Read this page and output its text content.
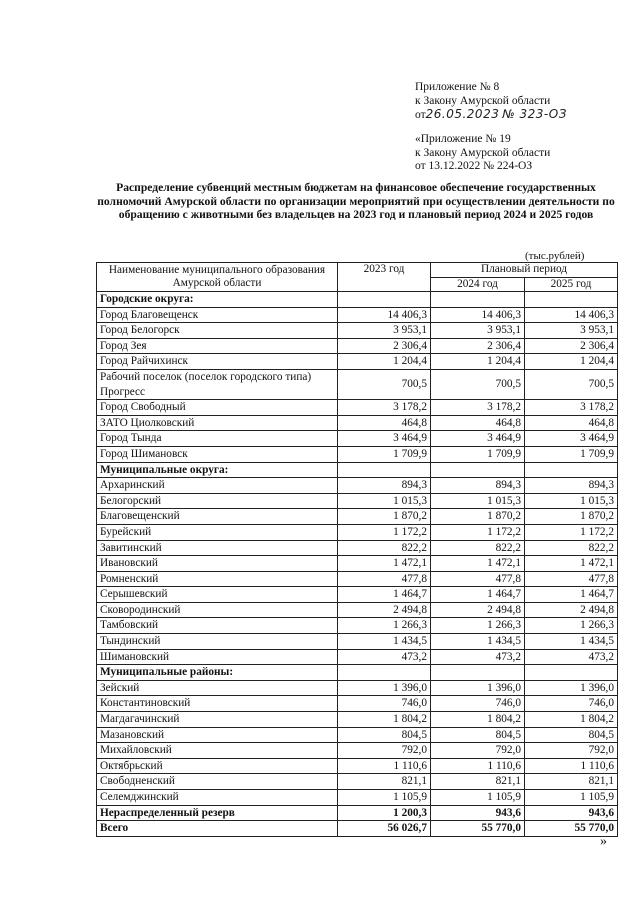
Приложение № 8
к Закону Амурской области
от26.05.2023 № 323-ОЗ
«Приложение № 19
к Закону Амурской области
от 13.12.2022 № 224-ОЗ
Распределение субвенций местным бюджетам на финансовое обеспечение государственных полномочий Амурской области по организации мероприятий при осуществлении деятельности по обращению с животными без владельцев на 2023 год и плановый период 2024 и 2025 годов
(тыс.рублей)
Наименование муниципального образования Амурской области	2023 год	Плановый период	
		2024 год	2025 год
Городские округа:			
Город Благовещенск	14 406,3	14 406,3	14 406,3
Город Белогорск	3 953,1	3 953,1	3 953,1
Город Зея	2 306,4	2 306,4	2 306,4
Город Райчихинск	1 204,4	1 204,4	1 204,4
Рабочий поселок (поселок городского типа) Прогресс	700,5	700,5	700,5
Город Свободный	3 178,2	3 178,2	3 178,2
ЗАТО Циолковский	464,8	464,8	464,8
Город Тында	3 464,9	3 464,9	3 464,9
Город Шимановск	1 709,9	1 709,9	1 709,9
Муниципальные округа:			
Архаринский	894,3	894,3	894,3
Белогорский	1 015,3	1 015,3	1 015,3
Благовещенский	1 870,2	1 870,2	1 870,2
Бурейский	1 172,2	1 172,2	1 172,2
Завитинский	822,2	822,2	822,2
Ивановский	1 472,1	1 472,1	1 472,1
Ромненский	477,8	477,8	477,8
Серышевский	1 464,7	1 464,7	1 464,7
Сковородинский	2 494,8	2 494,8	2 494,8
Тамбовский	1 266,3	1 266,3	1 266,3
Тындинский	1 434,5	1 434,5	1 434,5
Шимановский	473,2	473,2	473,2
Муниципальные районы:			
Зейский	1 396,0	1 396,0	1 396,0
Константиновский	746,0	746,0	746,0
Магдагачинский	1 804,2	1 804,2	1 804,2
Мазановский	804,5	804,5	804,5
Михайловский	792,0	792,0	792,0
Октябрьский	1 110,6	1 110,6	1 110,6
Свободненский	821,1	821,1	821,1
Селемджинский	1 105,9	1 105,9	1 105,9
Нераспределенный резерв	1 200,3	943,6	943,6
Всего	56 026,7	55 770,0	55 770,0
»
